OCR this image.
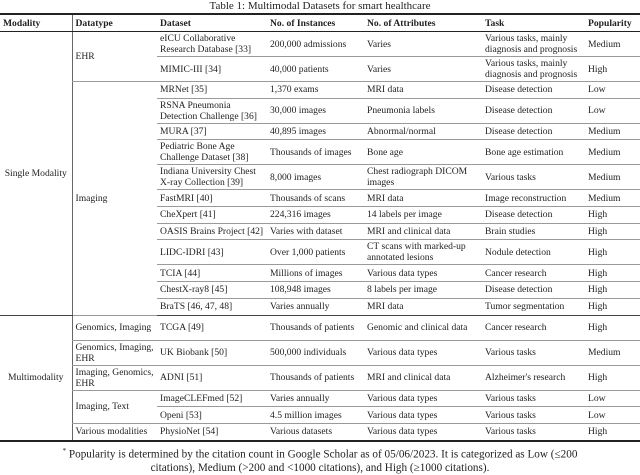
Table 1: Multimodal Datasets for smart healthcare
Modality	Datatype	Dataset	No. of Instances	No. of Attributes	Task	Popularity
Single Modality	EHR	eICU Collaborative Research Database [33]	200,000 admissions	Varies	Various tasks, mainly diagnosis and prognosis	Medium
		MIMIC-III [34]	40,000 patients	Varies	Various tasks, mainly diagnosis and prognosis	High
	Imaging	MRNet [35]	1,370 exams	MRI data	Disease detection	Low
		RSNA Pneumonia Detection Challenge [36]	30,000 images	Pneumonia labels	Disease detection	Low
		MURA [37]	40,895 images	Abnormal/normal	Disease detection	Medium
		Pediatric Bone Age Challenge Dataset [38]	Thousands of images	Bone age	Bone age estimation	Medium
		Indiana University Chest X-ray Collection [39]	8,000 images	Chest radiograph DICOM images	Various tasks	Medium
		FastMRI [40]	Thousands of scans	MRI data	Image reconstruction	Medium
		CheXpert [41]	224,316 images	14 labels per image	Disease detection	High
		OASIS Brains Project [42]	Varies with dataset	MRI and clinical data	Brain studies	High
		LIDC-IDRI [43]	Over 1,000 patients	CT scans with marked-up annotated lesions	Nodule detection	High
		TCIA [44]	Millions of images	Various data types	Cancer research	High
		ChestX-ray8 [45]	108,948 images	8 labels per image	Disease detection	High
		BraTS [46, 47, 48]	Varies annually	MRI data	Tumor segmentation	High
Multimodality	Genomics, Imaging	TCGA [49]	Thousands of patients	Genomic and clinical data	Cancer research	High
	Genomics, Imaging, EHR	UK Biobank [50]	500,000 individuals	Various data types	Various tasks	Medium
	Imaging, Genomics, EHR	ADNI [51]	Thousands of patients	MRI and clinical data	Alzheimer's research	High
	Imaging, Text	ImageCLEFmed [52]	Varies annually	Various data types	Various tasks	Low
		Openi [53]	4.5 million images	Various data types	Various tasks	Low
	Various modalities	PhysioNet [54]	Various datasets	Various data types	Various tasks	High
* Popularity is determined by the citation count in Google Scholar as of 05/06/2023. It is categorized as Low (≤200
citations), Medium (>200 and <1000 citations), and High (≥1000 citations).
